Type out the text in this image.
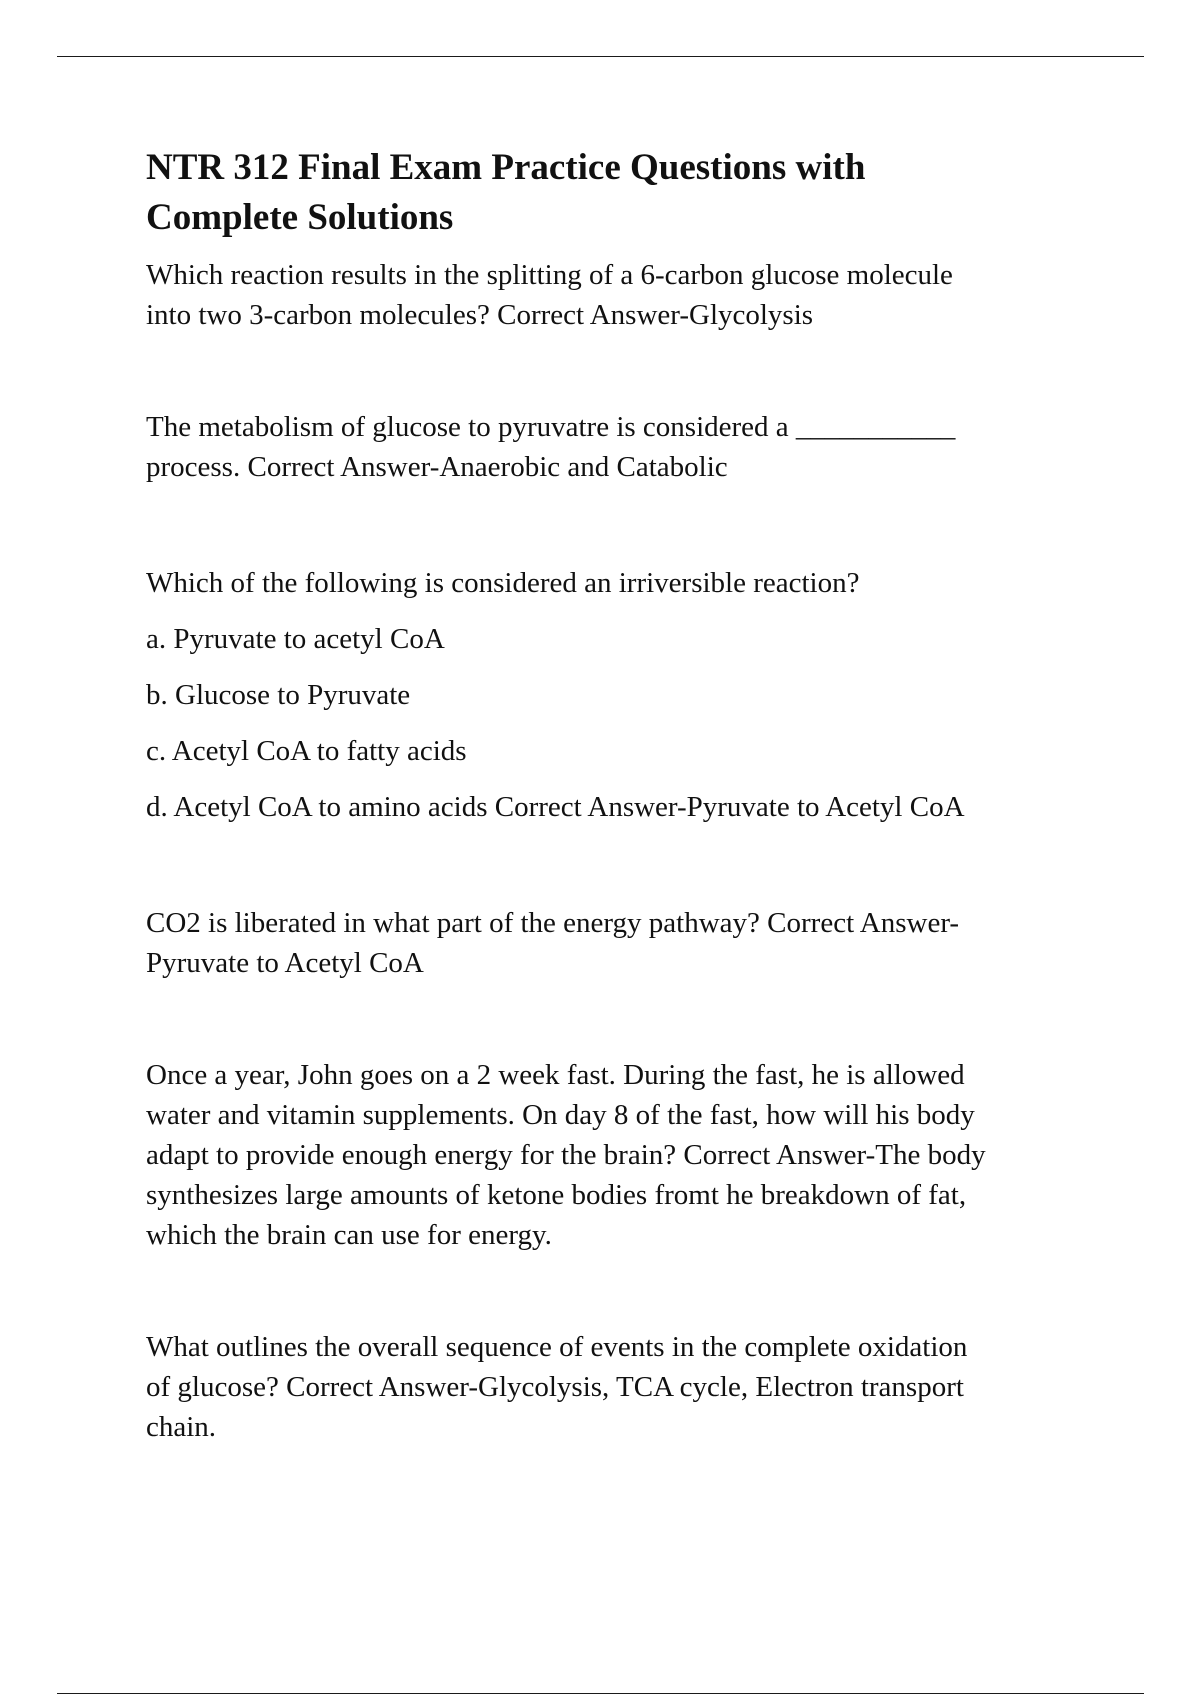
NTR 312 Final Exam Practice Questions with
Complete Solutions

Which reaction results in the splitting of a 6-carbon glucose molecule
into two 3-carbon molecules? Correct Answer-Glycolysis

The metabolism of glucose to pyruvatre is considered a ___________
process. Correct Answer-Anaerobic and Catabolic

Which of the following is considered an irriversible reaction?

a. Pyruvate to acetyl CoA

b. Glucose to Pyruvate

c. Acetyl CoA to fatty acids

d. Acetyl CoA to amino acids Correct Answer-Pyruvate to Acetyl CoA

CO2 is liberated in what part of the energy pathway? Correct Answer-
Pyruvate to Acetyl CoA

Once a year, John goes on a 2 week fast. During the fast, he is allowed
water and vitamin supplements. On day 8 of the fast, how will his body
adapt to provide enough energy for the brain? Correct Answer-The body
synthesizes large amounts of ketone bodies fromt he breakdown of fat,
which the brain can use for energy.

What outlines the overall sequence of events in the complete oxidation
of glucose? Correct Answer-Glycolysis, TCA cycle, Electron transport
chain.
